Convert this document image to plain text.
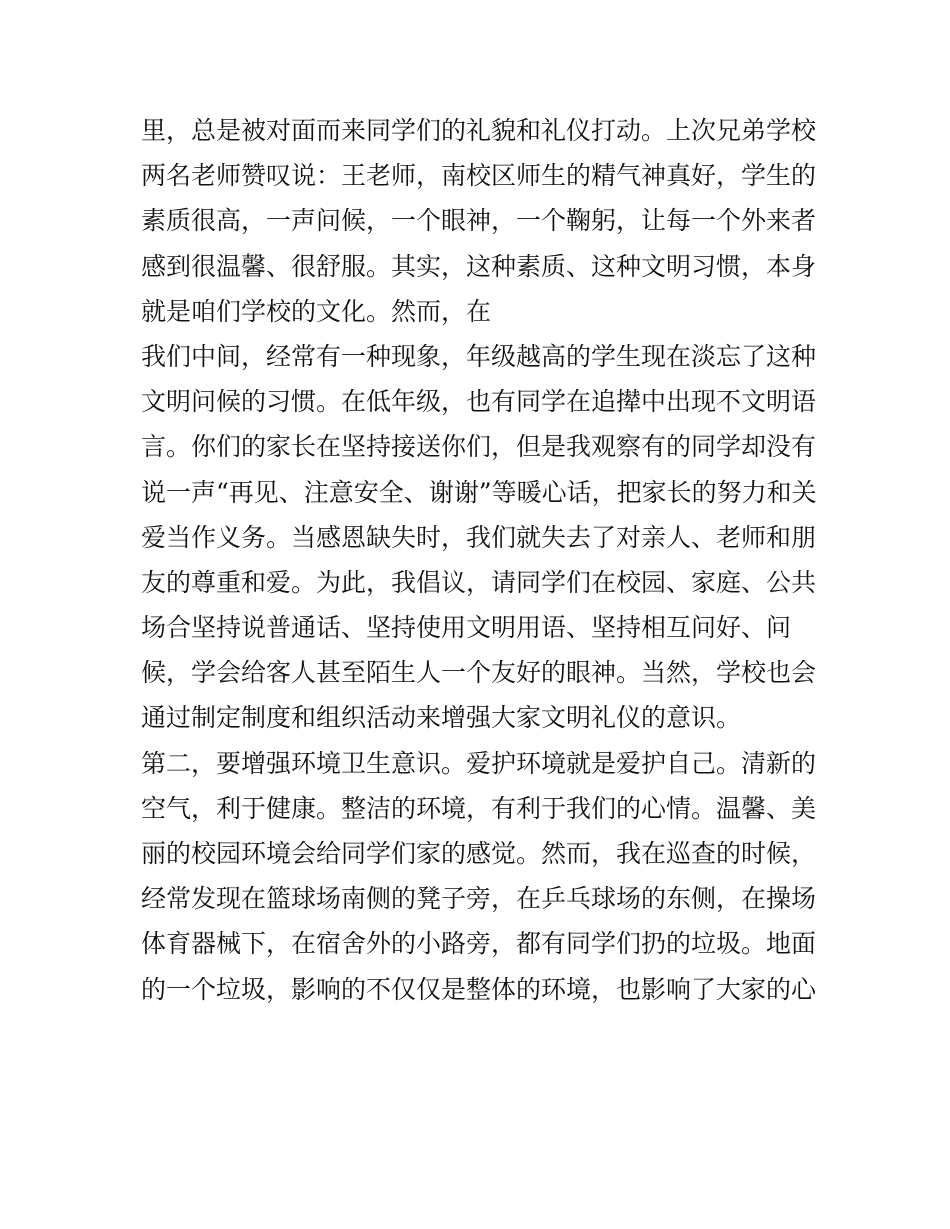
里，总是被对面而来同学们的礼貌和礼仪打动。上次兄弟学校
两名老师赞叹说：王老师，南校区师生的精气神真好，学生的
素质很高，一声问候，一个眼神，一个鞠躬，让每一个外来者
感到很温馨、很舒服。其实，这种素质、这种文明习惯，本身
就是咱们学校的文化。然而，在
我们中间，经常有一种现象，年级越高的学生现在淡忘了这种
文明问候的习惯。在低年级，也有同学在追撵中出现不文明语
言。你们的家长在坚持接送你们，但是我观察有的同学却没有
说一声“再见、注意安全、谢谢”等暖心话，把家长的努力和关
爱当作义务。当感恩缺失时，我们就失去了对亲人、老师和朋
友的尊重和爱。为此，我倡议，请同学们在校园、家庭、公共
场合坚持说普通话、坚持使用文明用语、坚持相互问好、问
候，学会给客人甚至陌生人一个友好的眼神。当然，学校也会
通过制定制度和组织活动来增强大家文明礼仪的意识。
第二，要增强环境卫生意识。爱护环境就是爱护自己。清新的
空气，利于健康。整洁的环境，有利于我们的心情。温馨、美
丽的校园环境会给同学们家的感觉。然而，我在巡查的时候，
经常发现在篮球场南侧的凳子旁，在乒乓球场的东侧，在操场
体育器械下，在宿舍外的小路旁，都有同学们扔的垃圾。地面
的一个垃圾，影响的不仅仅是整体的环境，也影响了大家的心
